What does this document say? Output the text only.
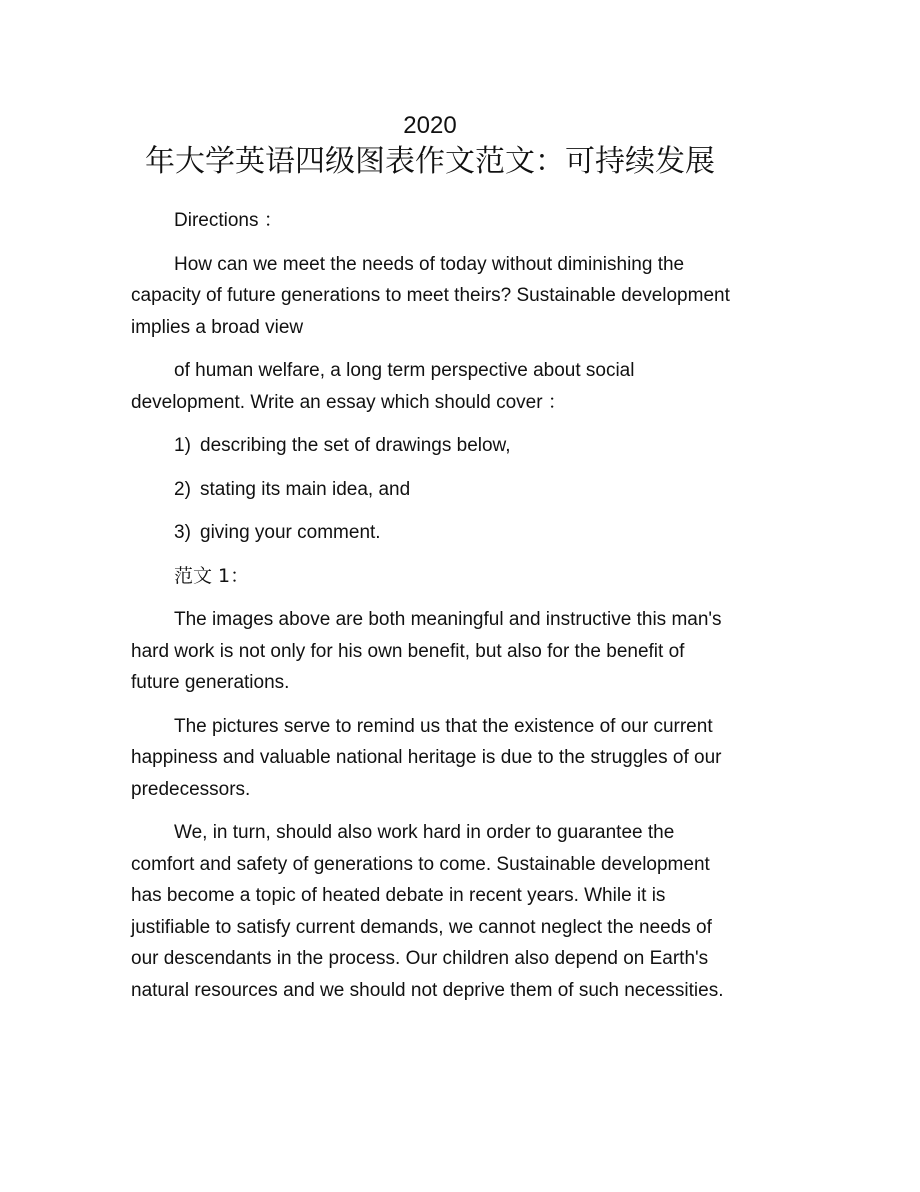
2020
年大学英语四级图表作文范文：可持续发展

Directions ：

How can we meet the needs of today without diminishing the capacity of future generations to meet theirs? Sustainable development implies a broad view

of human welfare, a long term perspective about social development. Write an essay which should cover ：

1) describing the set of drawings below,

2) stating its main idea, and

3) giving your comment.

范文 1：

The images above are both meaningful and instructive this man's hard work is not only for his own benefit, but also for the benefit of future generations.

The pictures serve to remind us that the existence of our current happiness and valuable national heritage is due to the struggles of our predecessors.

We, in turn, should also work hard in order to guarantee the comfort and safety of generations to come. Sustainable development has become a topic of heated debate in recent years. While it is justifiable to satisfy current demands, we cannot neglect the needs of our descendants in the process. Our children also depend on Earth's natural resources and we should not deprive them of such necessities.
